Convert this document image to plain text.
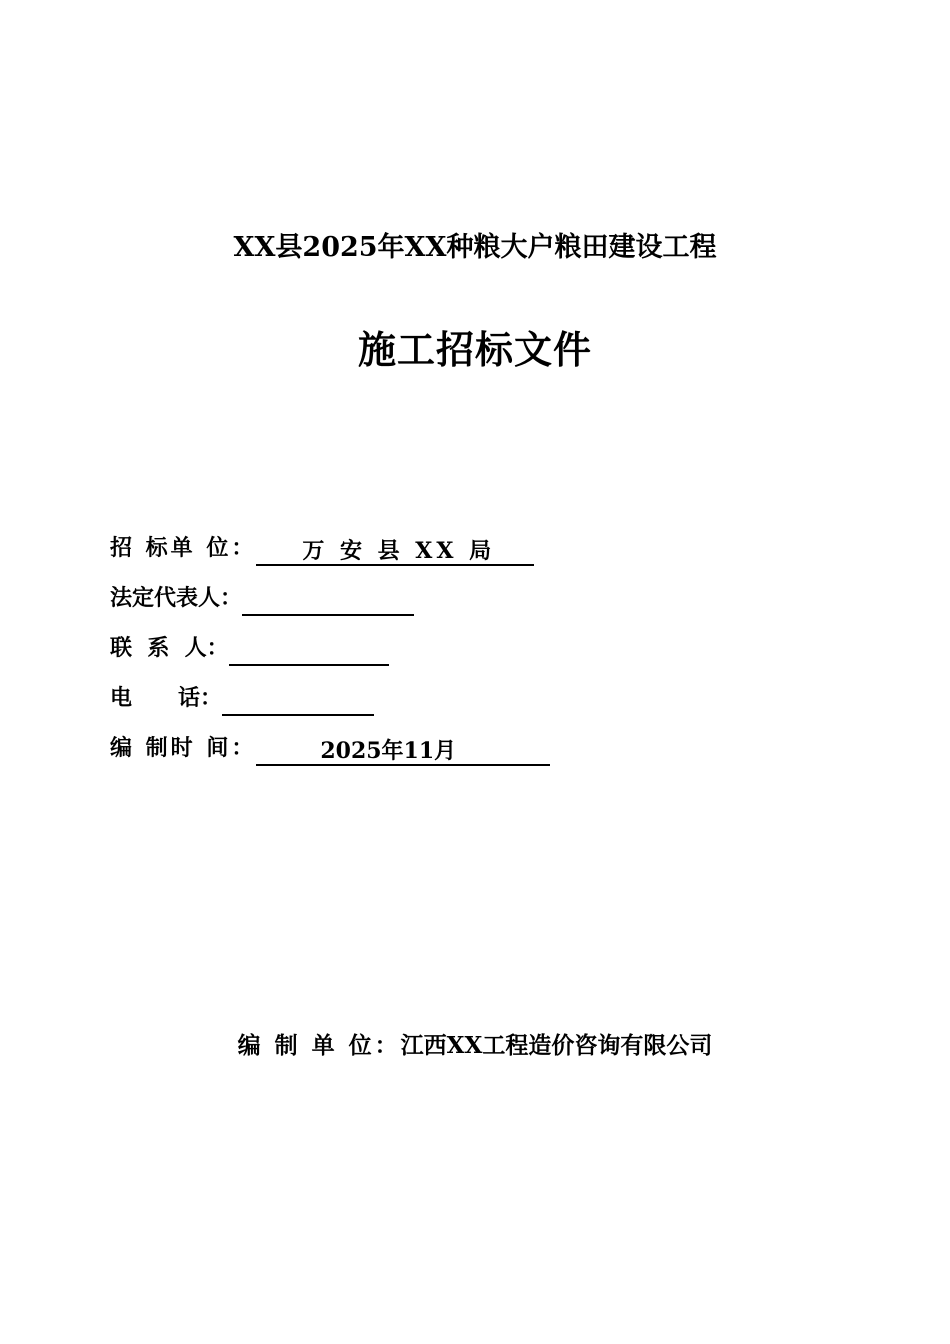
XX县2025年XX种粮大户粮田建设工程
施工招标文件
招 标单 位： 万 安 县 XX 局
法定代表人：
联  系  人：
电      话：
编 制时 间：	2025年11月
编 制 单 位：江西XX工程造价咨询有限公司
